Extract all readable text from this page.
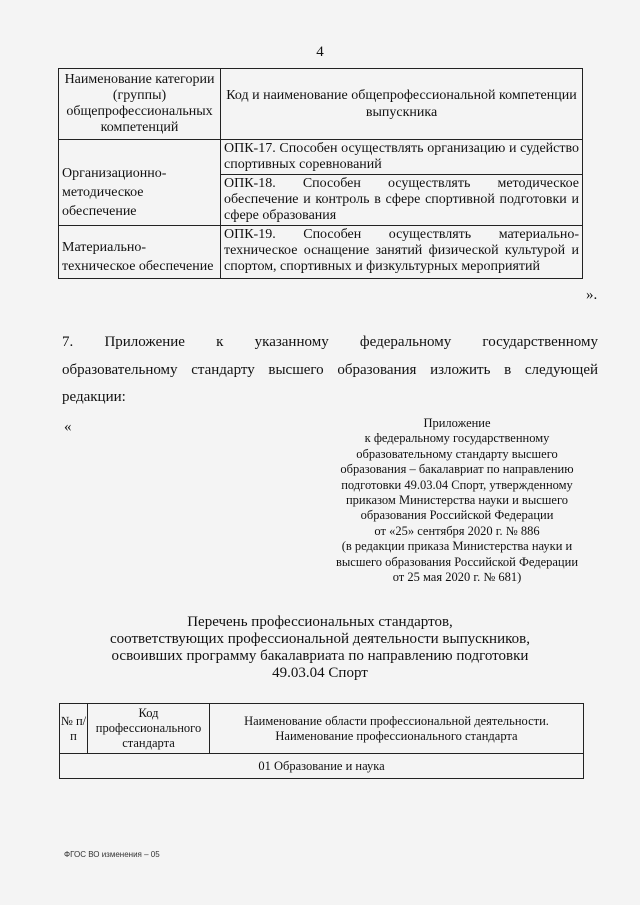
4
Наименование категории (группы) общепрофессиональных компетенций	Код и наименование общепрофессиональной компетенции выпускника
Организационно-методическое обеспечение	ОПК-17. Способен осуществлять организацию и судейство спортивных соревнований
	ОПК-18. Способен осуществлять методическое обеспечение и контроль в сфере спортивной подготовки и сфере образования
Материально-техническое обеспечение	ОПК-19. Способен осуществлять материально-техническое оснащение занятий физической культурой и спортом, спортивных и физкультурных мероприятий
».
7. Приложение к указанному федеральному государственному
образовательному стандарту высшего образования изложить в следующей
редакции:
«	Приложение
к федеральному государственному
образовательному стандарту высшего
образования – бакалавриат по направлению
подготовки 49.03.04 Спорт, утвержденному
приказом Министерства науки и высшего
образования Российской Федерации
от «25» сентября 2020 г. № 886
(в редакции приказа Министерства науки и
высшего образования Российской Федерации
от 25 мая 2020 г. № 681)
Перечень профессиональных стандартов,
соответствующих профессиональной деятельности выпускников,
освоивших программу бакалавриата по направлению подготовки
49.03.04 Спорт
№ п/п	Код профессионального стандарта	Наименование области профессиональной деятельности. Наименование профессионального стандарта
01 Образование и наука
ФГОС ВО изменения – 05
